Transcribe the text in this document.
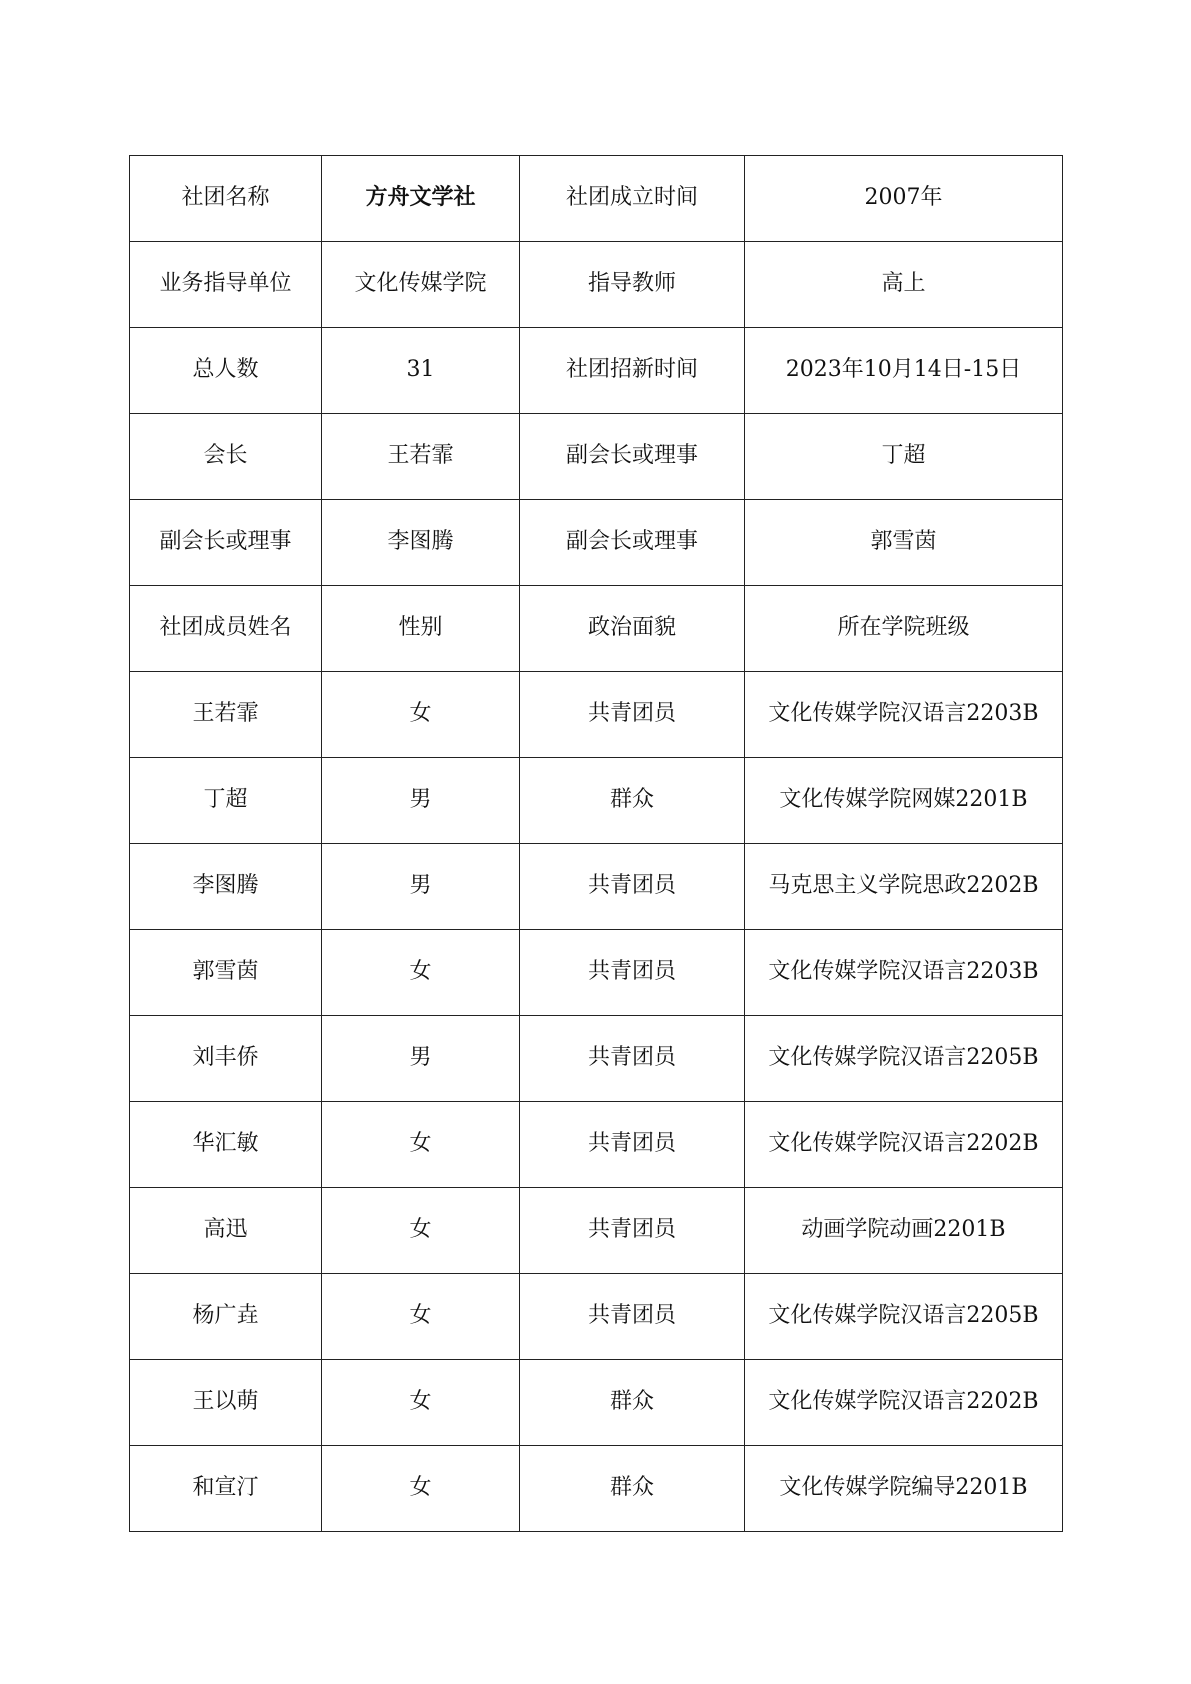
社团名称	方舟文学社	社团成立时间	2007年
业务指导单位	文化传媒学院	指导教师	高上
总人数	31	社团招新时间	2023年10月14日-15日
会长	王若霏	副会长或理事	丁超
副会长或理事	李图腾	副会长或理事	郭雪茵
社团成员姓名	性别	政治面貌	所在学院班级
王若霏	女	共青团员	文化传媒学院汉语言2203B
丁超	男	群众	文化传媒学院网媒2201B
李图腾	男	共青团员	马克思主义学院思政2202B
郭雪茵	女	共青团员	文化传媒学院汉语言2203B
刘丰侨	男	共青团员	文化传媒学院汉语言2205B
华汇敏	女	共青团员	文化传媒学院汉语言2202B
高迅	女	共青团员	动画学院动画2201B
杨广垚	女	共青团员	文化传媒学院汉语言2205B
王以萌	女	群众	文化传媒学院汉语言2202B
和宣汀	女	群众	文化传媒学院编导2201B
